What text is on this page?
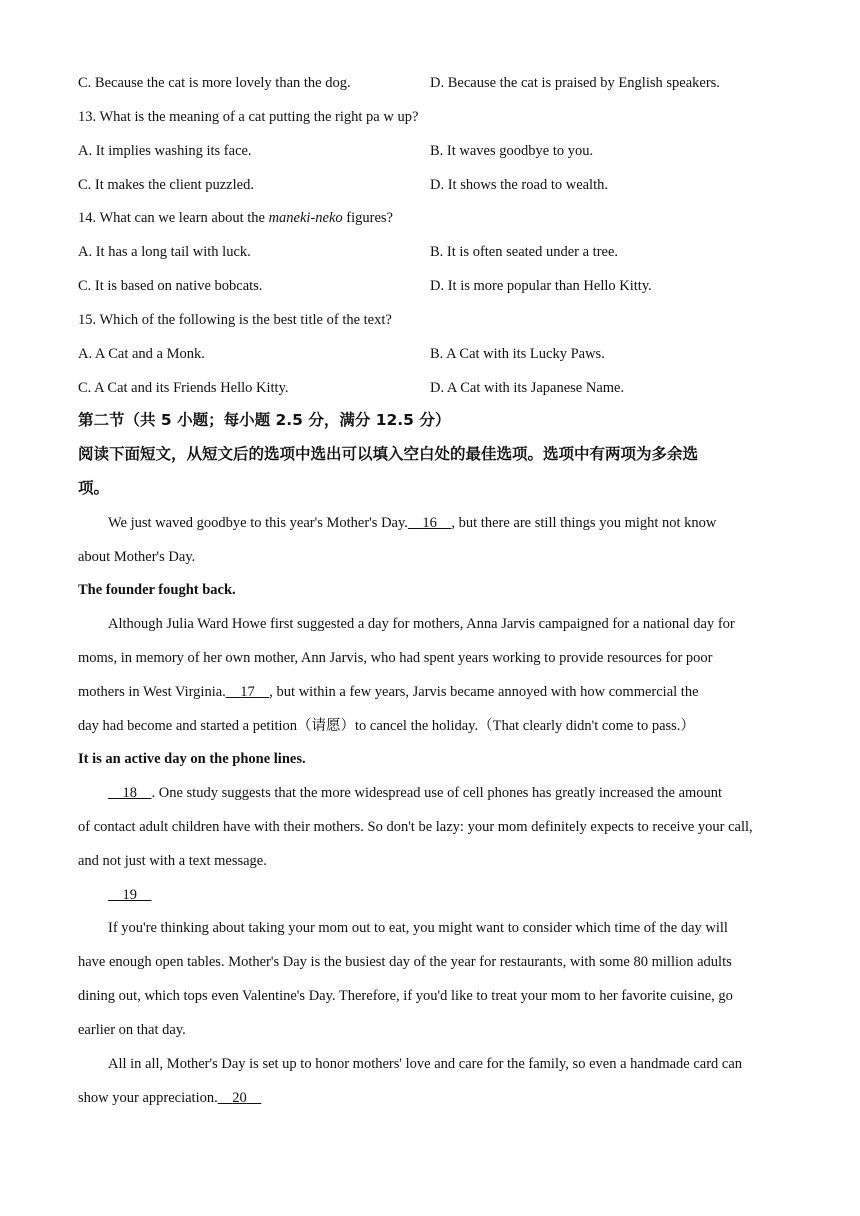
C. Because the cat is more lovely than the dog.	D. Because the cat is praised by English speakers.
13. What is the meaning of a cat putting the right pa w up?
A. It implies washing its face.	B. It waves goodbye to you.
C. It makes the client puzzled.	D. It shows the road to wealth.
14. What can we learn about the maneki-neko figures?
A. It has a long tail with luck.	B. It is often seated under a tree.
C. It is based on native bobcats.	D. It is more popular than Hello Kitty.
15. Which of the following is the best title of the text?
A. A Cat and a Monk.	B. A Cat with its Lucky Paws.
C. A Cat and its Friends Hello Kitty.	D. A Cat with its Japanese Name.
第二节（共 5 小题；每小题 2.5 分，满分 12.5 分）
阅读下面短文，从短文后的选项中选出可以填入空白处的最佳选项。选项中有两项为多余选
项。
We just waved goodbye to this year's Mother's Day. 16 , but there are still things you might not know
about Mother's Day.
The founder fought back.
Although Julia Ward Howe first suggested a day for mothers, Anna Jarvis campaigned for a national day for
moms, in memory of her own mother, Ann Jarvis, who had spent years working to provide resources for poor
mothers in West Virginia. 17 , but within a few years, Jarvis became annoyed with how commercial the
day had become and started a petition（请愿）to cancel the holiday.（That clearly didn't come to pass.）
It is an active day on the phone lines.
18 . One study suggests that the more widespread use of cell phones has greatly increased the amount
of contact adult children have with their mothers. So don't be lazy: your mom definitely expects to receive your call,
and not just with a text message.
19
If you're thinking about taking your mom out to eat, you might want to consider which time of the day will
have enough open tables. Mother's Day is the busiest day of the year for restaurants, with some 80 million adults
dining out, which tops even Valentine's Day. Therefore, if you'd like to treat your mom to her favorite cuisine, go
earlier on that day.
All in all, Mother's Day is set up to honor mothers' love and care for the family, so even a handmade card can
show your appreciation. 20
